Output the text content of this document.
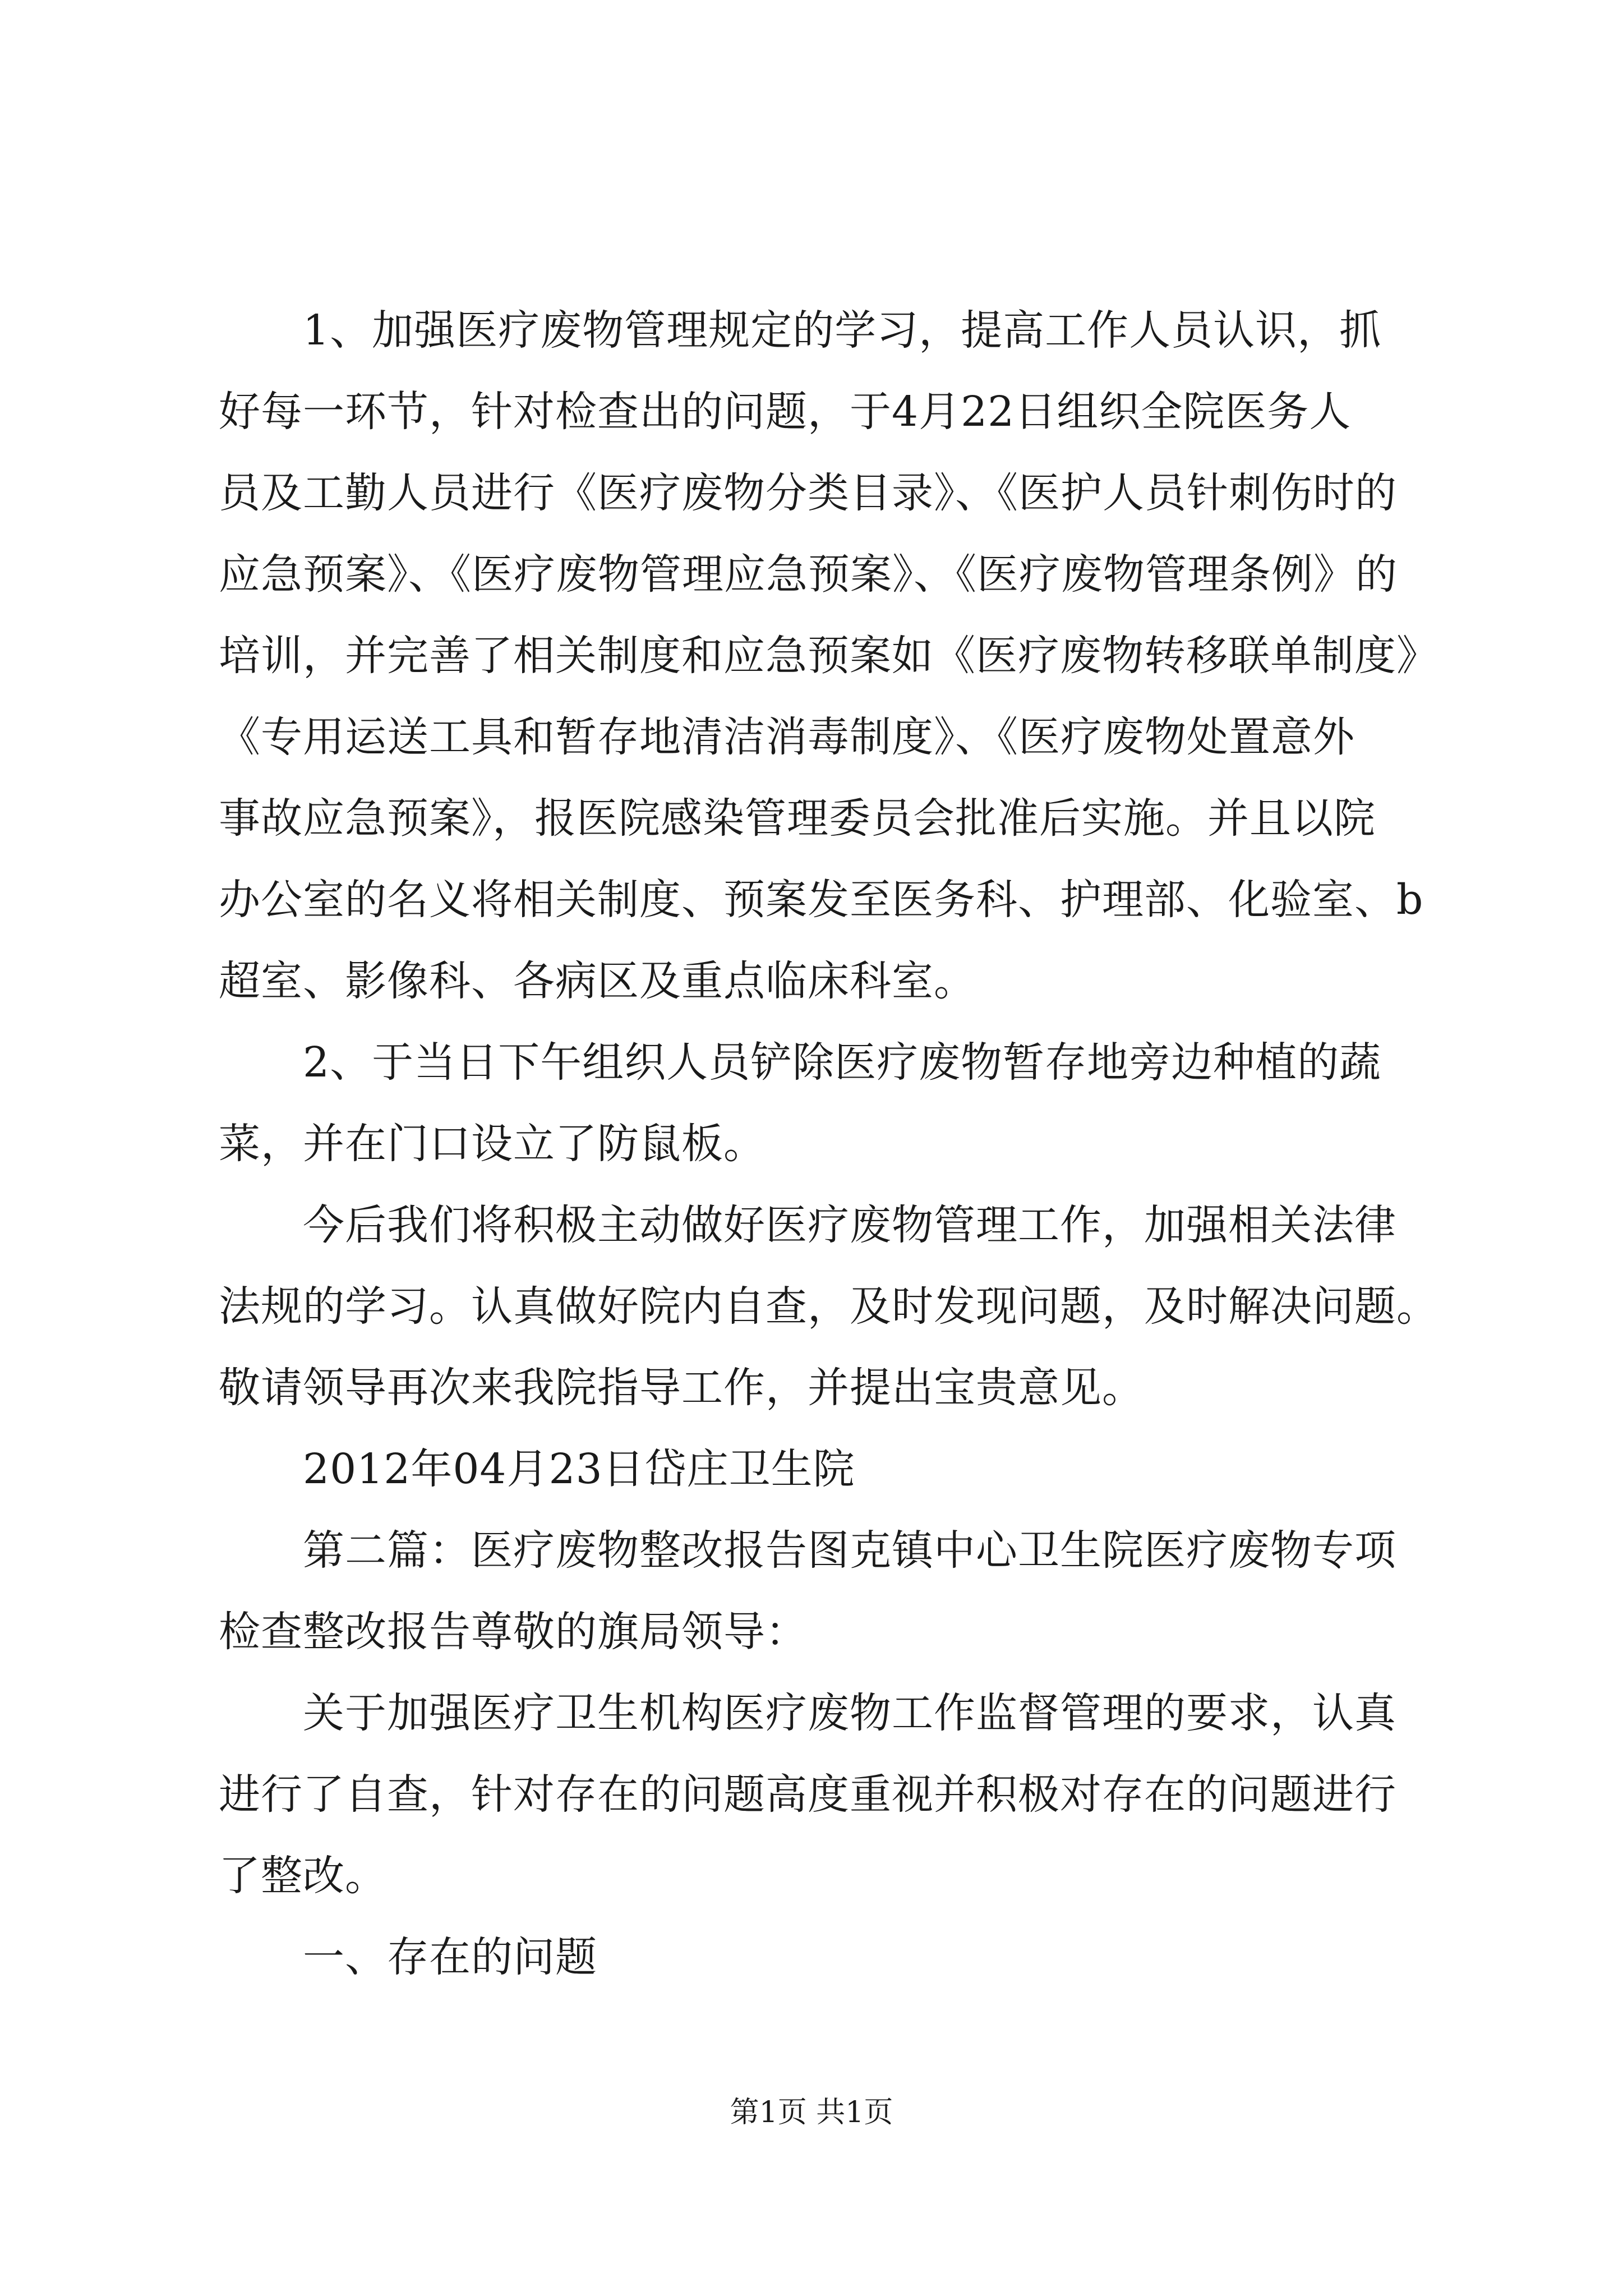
1、加强医疗废物管理规定的学习，提高工作人员认识，抓
好每一环节，针对检查出的问题，于4月22日组织全院医务人
员及工勤人员进行《医疗废物分类目录》、《医护人员针刺伤时的
应急预案》、《医疗废物管理应急预案》、《医疗废物管理条例》的
培训，并完善了相关制度和应急预案如《医疗废物转移联单制度》
《专用运送工具和暂存地清洁消毒制度》、《医疗废物处置意外
事故应急预案》，报医院感染管理委员会批准后实施。并且以院
办公室的名义将相关制度、预案发至医务科、护理部、化验室、b
超室、影像科、各病区及重点临床科室。
2、于当日下午组织人员铲除医疗废物暂存地旁边种植的蔬
菜，并在门口设立了防鼠板。
今后我们将积极主动做好医疗废物管理工作，加强相关法律
法规的学习。认真做好院内自查，及时发现问题，及时解决问题。
敬请领导再次来我院指导工作，并提出宝贵意见。
2012年04月23日岱庄卫生院
第二篇：医疗废物整改报告图克镇中心卫生院医疗废物专项
检查整改报告尊敬的旗局领导：
关于加强医疗卫生机构医疗废物工作监督管理的要求，认真
进行了自查，针对存在的问题高度重视并积极对存在的问题进行
了整改。
一、存在的问题
第1页 共1页
